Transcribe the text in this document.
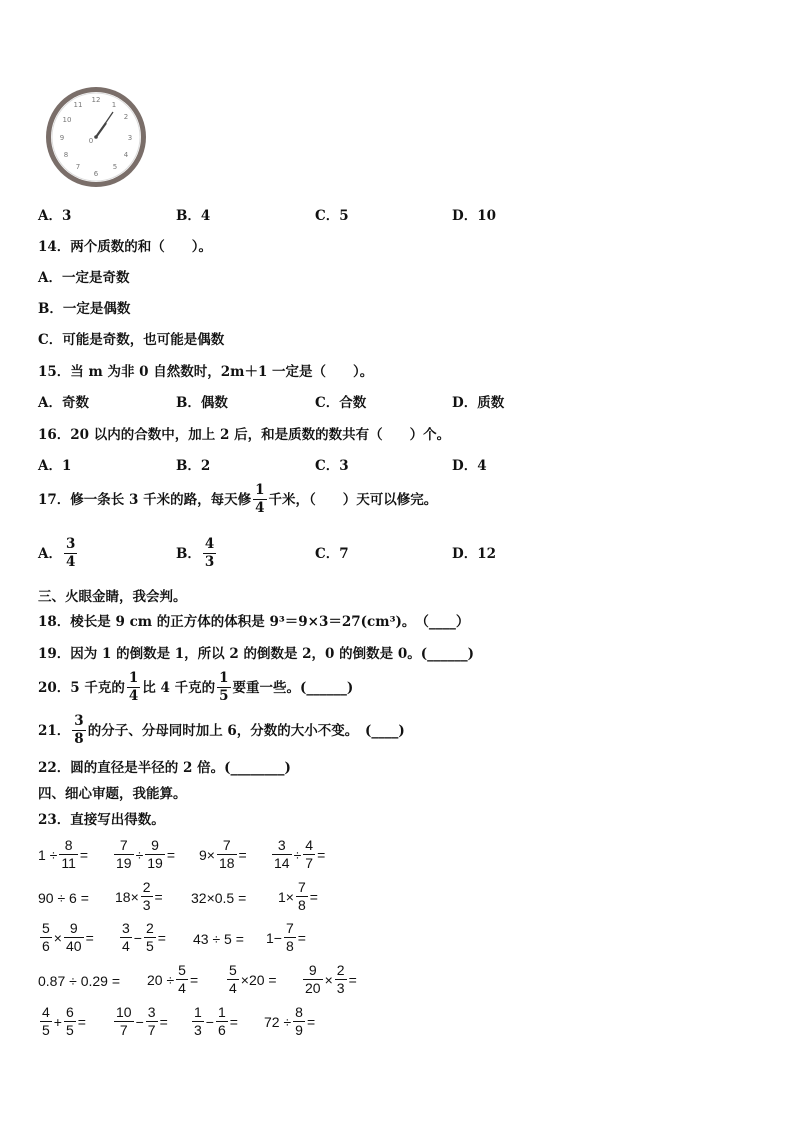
12
1
2
3
4
5
6
7
8
9
10
11
0
A．3	B．4	C．5	D．10
14．两个质数的和（　　）。
A．一定是奇数
B．一定是偶数
C．可能是奇数，也可能是偶数
15．当 m 为非 0 自然数时，2m＋1 一定是（　　）。
A．奇数	B．偶数	C．合数	D．质数
16．20 以内的合数中，加上 2 后，和是质数的数共有（　　）个。
A．1	B．2	C．3	D．4
17．修一条长 3 千米的路，每天修 $\frac{1}{4}$ 千米，（　　）天可以修完。
A． $\frac{3}{4}$	B． $\frac{4}{3}$	C．7	D．12
三、火眼金睛，我会判。
18．棱长是 9 cm 的正方体的体积是 9³＝9×3＝27(cm³)。　（____）
19．因为 1 的倒数是 1，所以 2 的倒数是 2，0 的倒数是 0。(______)
20．5 千克的 $\frac{1}{4}$ 比 4 千克的 $\frac{1}{5}$ 要重一些。(______)
21． $\frac{3}{8}$ 的分子、分母同时加上 6，分数的大小不变。　(____)
22．圆的直径是半径的 2 倍。(________)
四、细心审题，我能算。
23．直接写出得数。
$1 \div \frac{8}{11} = \frac{7}{19} \div \frac{9}{19} = 9\times \frac{7}{18} = \frac{3}{14} \div \frac{4}{7}$ =
$90 \div 6 = 18\times \frac{2}{3} = 32\times 0.5 = 1\times \frac{7}{8}$ =
$\frac{5}{6} \times \frac{9}{40} = \frac{3}{4} - \frac{2}{5} = 43 \div 5 = 1- \frac{7}{8}$ =
$0.87 \div 0.29 = 20 \div \frac{5}{4} = \frac{5}{4} \times 20 = \frac{9}{20} \times \frac{2}{3}$ =
$\frac{4}{5} + \frac{6}{5} = \frac{10}{7} - \frac{3}{7} = \frac{1}{3} - \frac{1}{6} = 72 \div \frac{8}{9}$ =
